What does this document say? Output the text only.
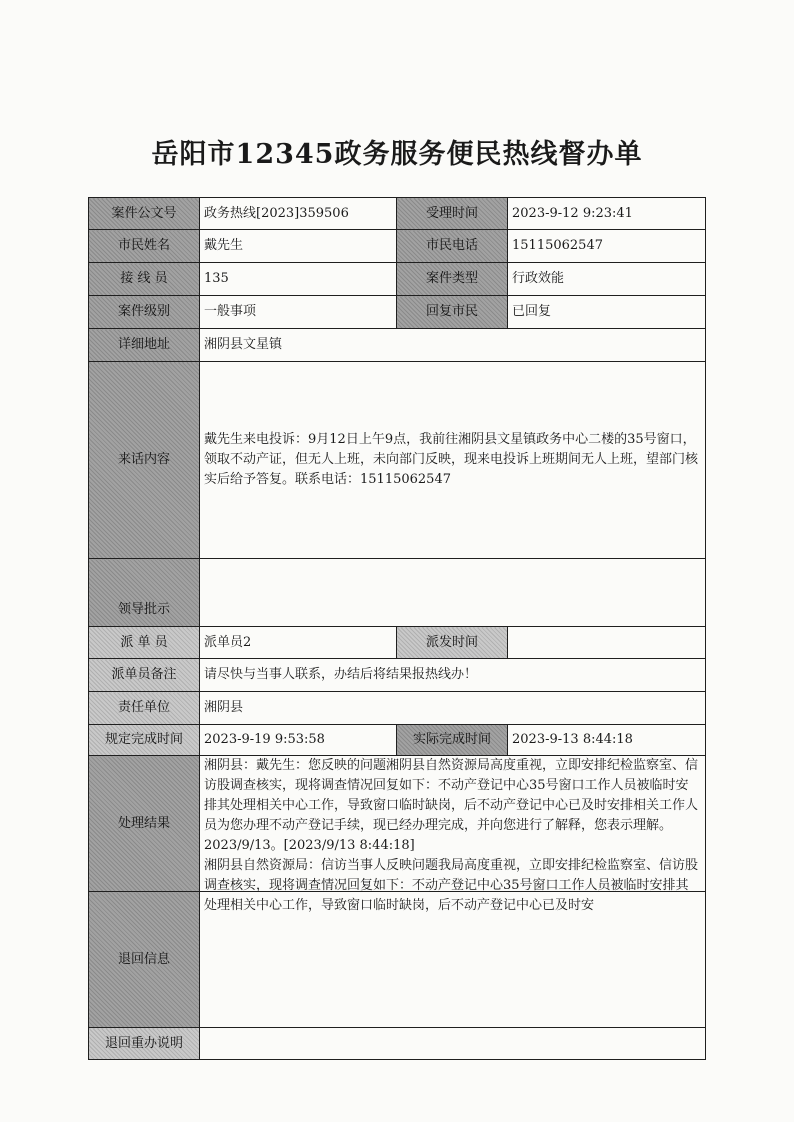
岳阳市12345政务服务便民热线督办单
案件公文号	政务热线[2023]359506	受理时间	2023-9-12 9:23:41
市民姓名	戴先生	市民电话	15115062547
接 线 员	135	案件类型	行政效能
案件级别	一般事项	回复市民	已回复
详细地址	湘阴县文星镇		
来话内容	戴先生来电投诉：9月12日上午9点，我前往湘阴县文星镇政务中心二楼的35号窗口，领取不动产证，但无人上班，未向部门反映，现来电投诉上班期间无人上班，望部门核实后给予答复。联系电话：15115062547		
领导批示			
派 单 员	派单员2	派发时间	
派单员备注	请尽快与当事人联系，办结后将结果报热线办！		
责任单位	湘阴县		
规定完成时间	2023-9-19 9:53:58	实际完成时间	2023-9-13 8:44:18
处理结果	湘阴县：戴先生：您反映的问题湘阴县自然资源局高度重视，立即安排纪检监察室、信访股调查核实，现将调查情况回复如下：不动产登记中心35号窗口工作人员被临时安排其处理相关中心工作，导致窗口临时缺岗，后不动产登记中心已及时安排相关工作人员为您办理不动产登记手续，现已经办理完成，并向您进行了解释，您表示理解。2023/9/13。[2023/9/13 8:44:18]
湘阴县自然资源局：信访当事人反映问题我局高度重视，立即安排纪检监察室、信访股调查核实，现将调查情况回复如下：不动产登记中心35号窗口工作人员被临时安排其处理相关中心工作，导致窗口临时缺岗，后不动产登记中心已及时安		

退回信息			
退回重办说明			
